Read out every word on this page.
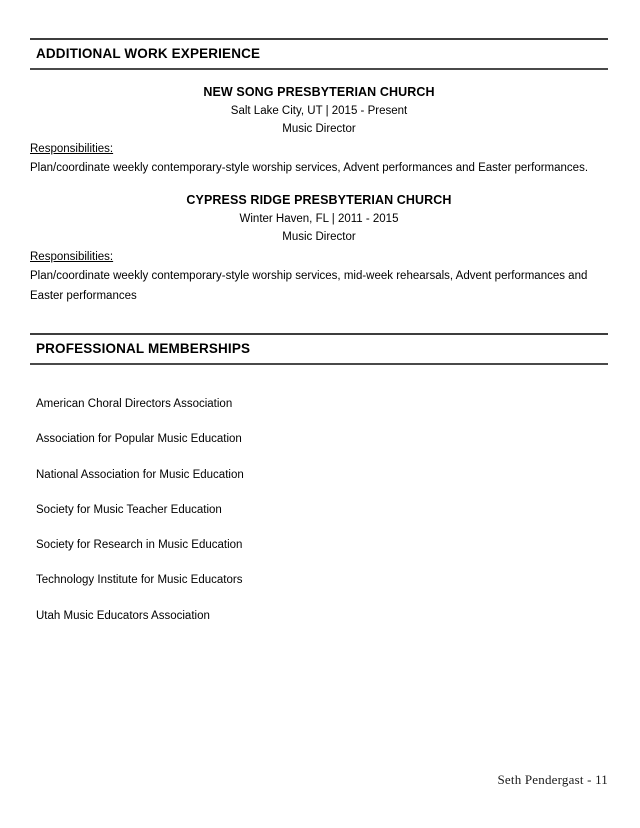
ADDITIONAL WORK EXPERIENCE
NEW SONG PRESBYTERIAN CHURCH
Salt Lake City, UT | 2015 - Present
Music Director
Responsibilities:
Plan/coordinate weekly contemporary-style worship services, Advent performances and Easter performances.
CYPRESS RIDGE PRESBYTERIAN CHURCH
Winter Haven, FL | 2011 - 2015
Music Director
Responsibilities:
Plan/coordinate weekly contemporary-style worship services, mid-week rehearsals, Advent performances and Easter performances
PROFESSIONAL MEMBERSHIPS
American Choral Directors Association
Association for Popular Music Education
National Association for Music Education
Society for Music Teacher Education
Society for Research in Music Education
Technology Institute for Music Educators
Utah Music Educators Association
Seth Pendergast - 11
